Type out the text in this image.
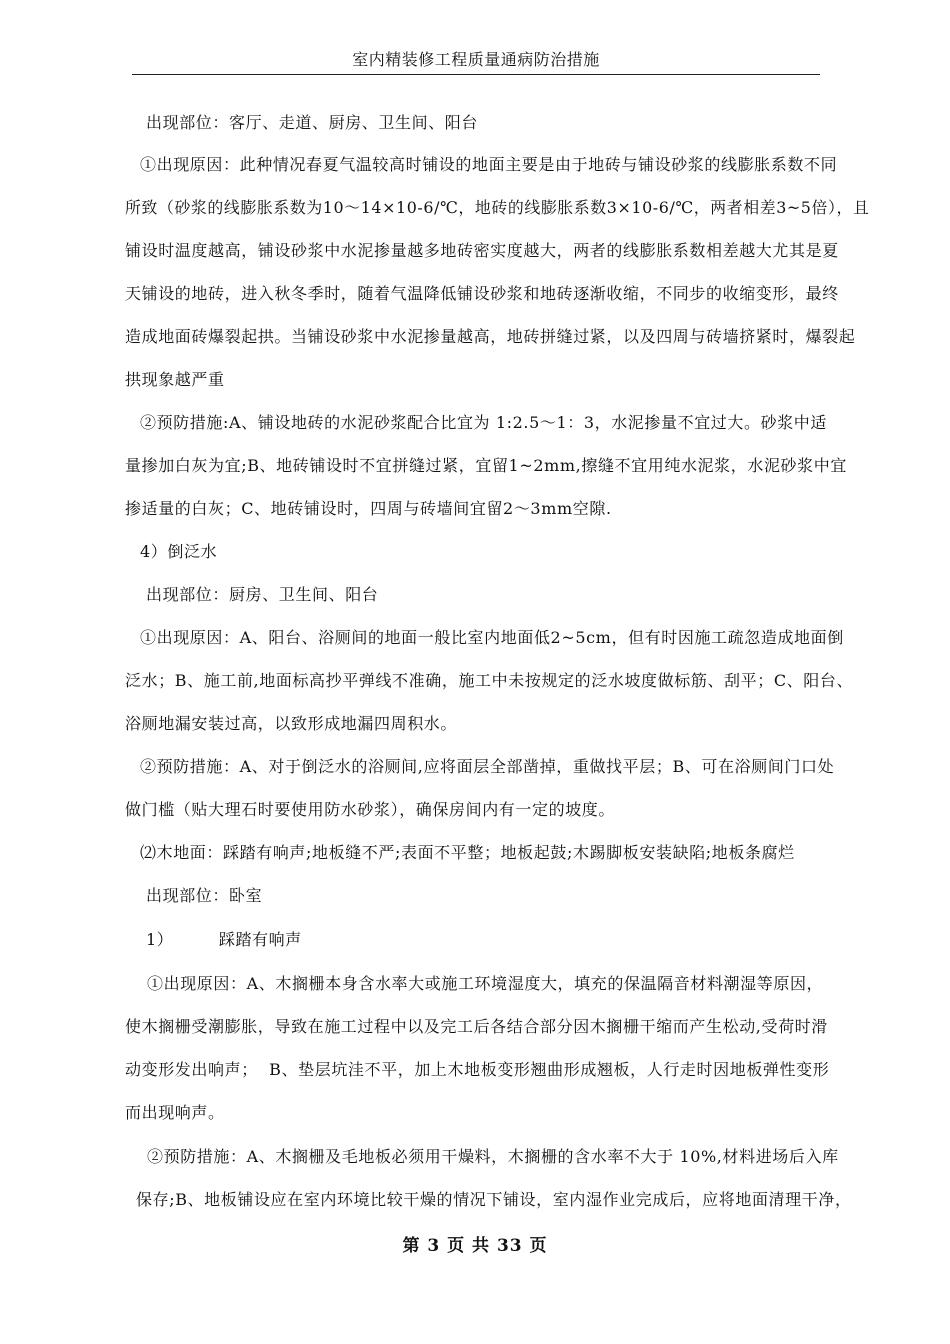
室内精装修工程质量通病防治措施
出现部位：客厅、走道、厨房、卫生间、阳台
①出现原因：此种情况春夏气温较高时铺设的地面主要是由于地砖与铺设砂浆的线膨胀系数不同
所致（砂浆的线膨胀系数为10～14×10-6/℃，地砖的线膨胀系数3×10-6/℃，两者相差3~5倍），且
铺设时温度越高，铺设砂浆中水泥掺量越多地砖密实度越大，两者的线膨胀系数相差越大尤其是夏
天铺设的地砖，进入秋冬季时，随着气温降低铺设砂浆和地砖逐渐收缩，不同步的收缩变形，最终
造成地面砖爆裂起拱。当铺设砂浆中水泥掺量越高，地砖拼缝过紧，以及四周与砖墙挤紧时，爆裂起
拱现象越严重
②预防措施:A、铺设地砖的水泥砂浆配合比宜为 1:2.5～1：3，水泥掺量不宜过大。砂浆中适
量掺加白灰为宜;B、地砖铺设时不宜拼缝过紧，宜留1~2mm,擦缝不宜用纯水泥浆，水泥砂浆中宜
掺适量的白灰；C、地砖铺设时，四周与砖墙间宜留2～3mm空隙.
4）倒泛水
出现部位：厨房、卫生间、阳台
①出现原因：A、阳台、浴厕间的地面一般比室内地面低2~5cm，但有时因施工疏忽造成地面倒
泛水；B、施工前,地面标高抄平弹线不准确，施工中未按规定的泛水坡度做标筋、刮平；C、阳台、
浴厕地漏安装过高，以致形成地漏四周积水。
②预防措施：A、对于倒泛水的浴厕间,应将面层全部凿掉，重做找平层；B、可在浴厕间门口处
做门槛（贴大理石时要使用防水砂浆），确保房间内有一定的坡度。
⑵木地面：踩踏有响声;地板缝不严;表面不平整；地板起鼓;木踢脚板安装缺陷;地板条腐烂
出现部位：卧室
1）        踩踏有响声
①出现原因：A、木搁栅本身含水率大或施工环境湿度大，填充的保温隔音材料潮湿等原因，
使木搁栅受潮膨胀，导致在施工过程中以及完工后各结合部分因木搁栅干缩而产生松动,受荷时滑
动变形发出响声；  B、垫层坑洼不平，加上木地板变形翘曲形成翘板，人行走时因地板弹性变形
而出现响声。
②预防措施：A、木搁栅及毛地板必须用干燥料，木搁栅的含水率不大于 10%,材料进场后入库
保存;B、地板铺设应在室内环境比较干燥的情况下铺设，室内湿作业完成后，应将地面清理干净，
第 3 页 共 33 页
